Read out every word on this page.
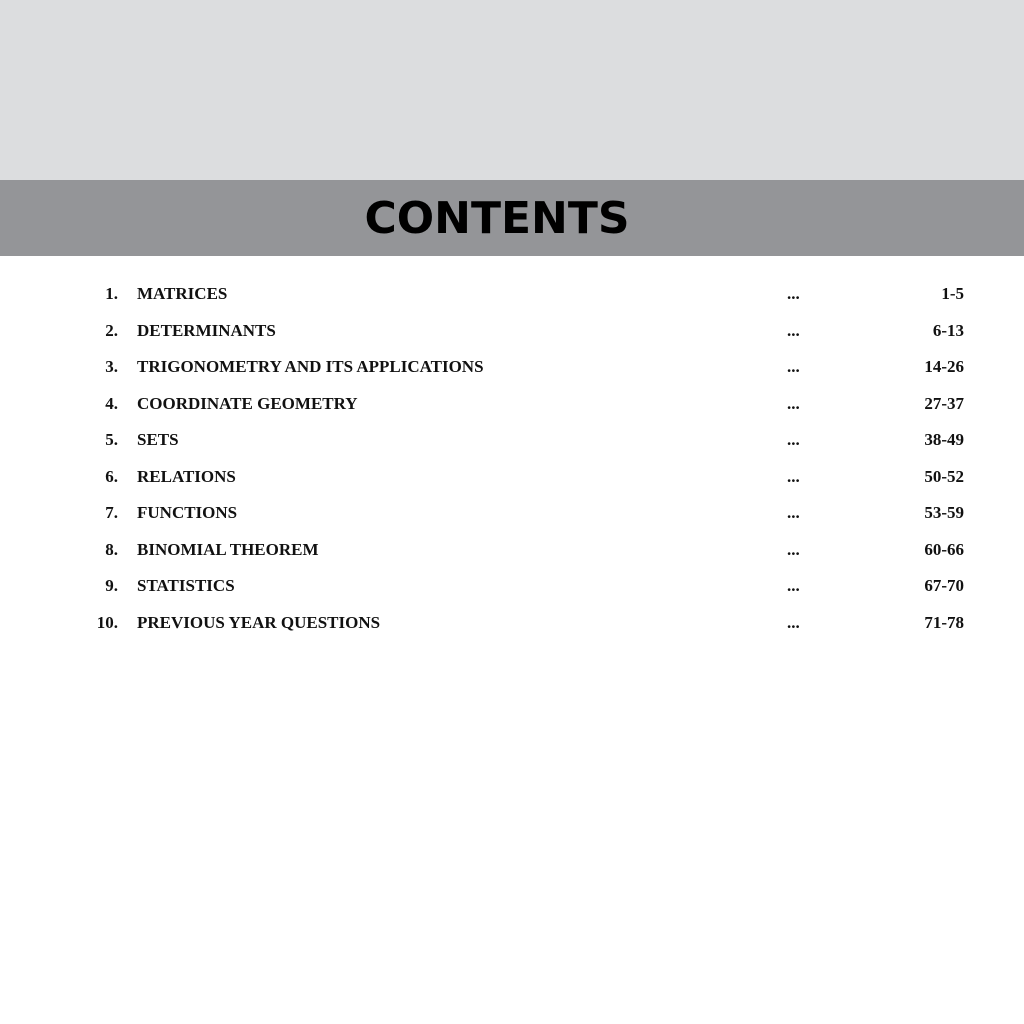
CONTENTS
1. MATRICES	...	1-5
2. DETERMINANTS	...	6-13
3. TRIGONOMETRY AND ITS APPLICATIONS	...	14-26
4. COORDINATE GEOMETRY	...	27-37
5. SETS	...	38-49
6. RELATIONS	...	50-52
7. FUNCTIONS	...	53-59
8. BINOMIAL THEOREM	...	60-66
9. STATISTICS	...	67-70
10. PREVIOUS YEAR QUESTIONS	...	71-78
